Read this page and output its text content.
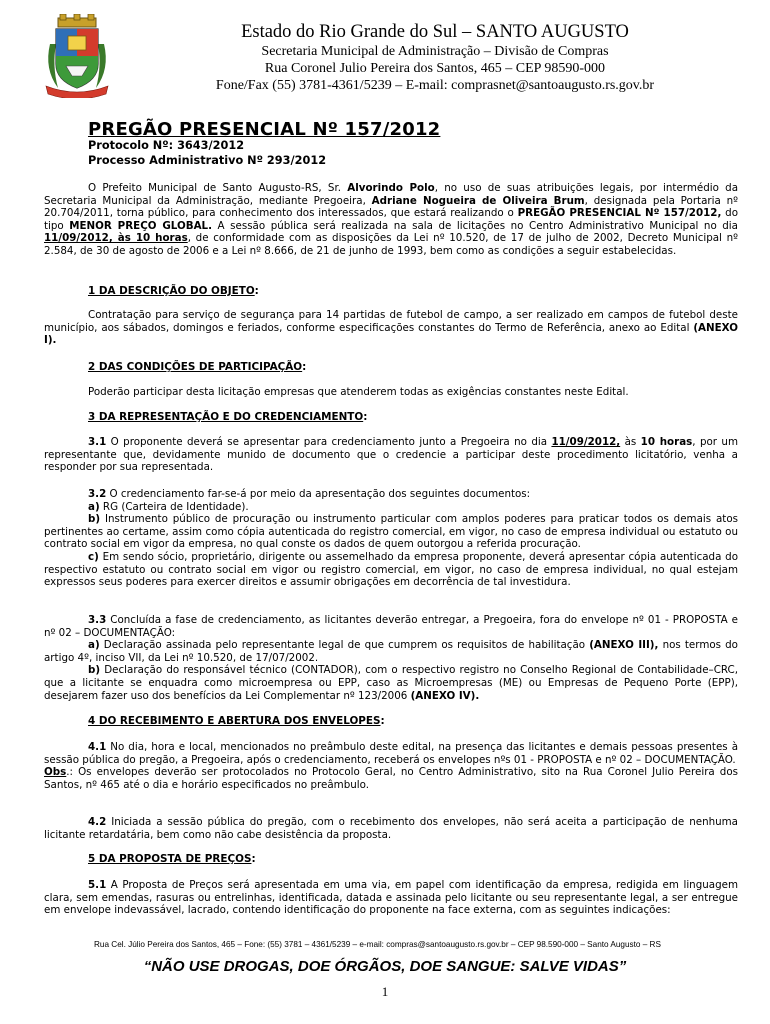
Estado do Rio Grande do Sul – SANTO AUGUSTO
Secretaria Municipal de Administração – Divisão de Compras
Rua Coronel Julio Pereira dos Santos, 465 – CEP 98590-000
Fone/Fax (55) 3781-4361/5239 – E-mail: comprasnet@santoaugusto.rs.gov.br
PREGÃO PRESENCIAL Nº 157/2012
Protocolo Nº: 3643/2012
Processo Administrativo Nº 293/2012

O Prefeito Municipal de Santo Augusto-RS, Sr. Alvorindo Polo, no uso de suas atribuições legais, por intermédio da Secretaria Municipal da Administração, mediante Pregoeira, Adriane Nogueira de Oliveira Brum, designada pela Portaria nº 20.704/2011, torna público, para conhecimento dos interessados, que estará realizando o PREGÃO PRESENCIAL Nº 157/2012, do tipo MENOR PREÇO GLOBAL. A sessão pública será realizada na sala de licitações no Centro Administrativo Municipal no dia 11/09/2012, às 10 horas, de conformidade com as disposições da Lei nº 10.520, de 17 de julho de 2002, Decreto Municipal nº 2.584, de 30 de agosto de 2006 e a Lei nº 8.666, de 21 de junho de 1993, bem como as condições a seguir estabelecidas.

1 DA DESCRIÇÃO DO OBJETO:

Contratação para serviço de segurança para 14 partidas de futebol de campo, a ser realizado em campos de futebol deste município, aos sábados, domingos e feriados, conforme especificações constantes do Termo de Referência, anexo ao Edital (ANEXO I).

2 DAS CONDIÇÕES DE PARTICIPAÇÃO:

Poderão participar desta licitação empresas que atenderem todas as exigências constantes neste Edital.

3 DA REPRESENTAÇÃO E DO CREDENCIAMENTO:

3.1 O proponente deverá se apresentar para credenciamento junto a Pregoeira no dia 11/09/2012, às 10 horas, por um representante que, devidamente munido de documento que o credencie a participar deste procedimento licitatório, venha a responder por sua representada.

3.2 O credenciamento far-se-á por meio da apresentação dos seguintes documentos:

a) RG (Carteira de Identidade).

b) Instrumento público de procuração ou instrumento particular com amplos poderes para praticar todos os demais atos pertinentes ao certame, assim como cópia autenticada do registro comercial, em vigor, no caso de empresa individual ou estatuto ou contrato social em vigor da empresa, no qual conste os dados de quem outorgou a referida procuração.

c) Em sendo sócio, proprietário, dirigente ou assemelhado da empresa proponente, deverá apresentar cópia autenticada do respectivo estatuto ou contrato social em vigor ou registro comercial, em vigor, no caso de empresa individual, no qual estejam expressos seus poderes para exercer direitos e assumir obrigações em decorrência de tal investidura.

3.3 Concluída a fase de credenciamento, as licitantes deverão entregar, a Pregoeira, fora do envelope nº 01 - PROPOSTA e nº 02 – DOCUMENTAÇÃO:

a) Declaração assinada pelo representante legal de que cumprem os requisitos de habilitação (ANEXO III), nos termos do artigo 4º, inciso VII, da Lei nº 10.520, de 17/07/2002.

b) Declaração do responsável técnico (CONTADOR), com o respectivo registro no Conselho Regional de Contabilidade–CRC, que a licitante se enquadra como microempresa ou EPP, caso as Microempresas (ME) ou Empresas de Pequeno Porte (EPP), desejarem fazer uso dos benefícios da Lei Complementar nº 123/2006 (ANEXO IV).

4 DO RECEBIMENTO E ABERTURA DOS ENVELOPES:

4.1 No dia, hora e local, mencionados no preâmbulo deste edital, na presença das licitantes e demais pessoas presentes à sessão pública do pregão, a Pregoeira, após o credenciamento, receberá os envelopes nºs 01 - PROPOSTA e nº 02 – DOCUMENTAÇÃO.

Obs.: Os envelopes deverão ser protocolados no Protocolo Geral, no Centro Administrativo, sito na Rua Coronel Julio Pereira dos Santos, nº 465 até o dia e horário especificados no preâmbulo.

4.2 Iniciada a sessão pública do pregão, com o recebimento dos envelopes, não será aceita a participação de nenhuma licitante retardatária, bem como não cabe desistência da proposta.

5 DA PROPOSTA DE PREÇOS:

5.1 A Proposta de Preços será apresentada em uma via, em papel com identificação da empresa, redigida em linguagem clara, sem emendas, rasuras ou entrelinhas, identificada, datada e assinada pelo licitante ou seu representante legal, a ser entregue em envelope indevassável, lacrado, contendo identificação do proponente na face externa, com as seguintes indicações:

Rua Cel. Júlio Pereira dos Santos, 465 – Fone: (55) 3781 – 4361/5239 – e-mail: compras@santoaugusto.rs.gov.br – CEP 98.590-000 – Santo Augusto – RS
“NÃO USE DROGAS, DOE ÓRGÃOS, DOE SANGUE: SALVE VIDAS”
1
